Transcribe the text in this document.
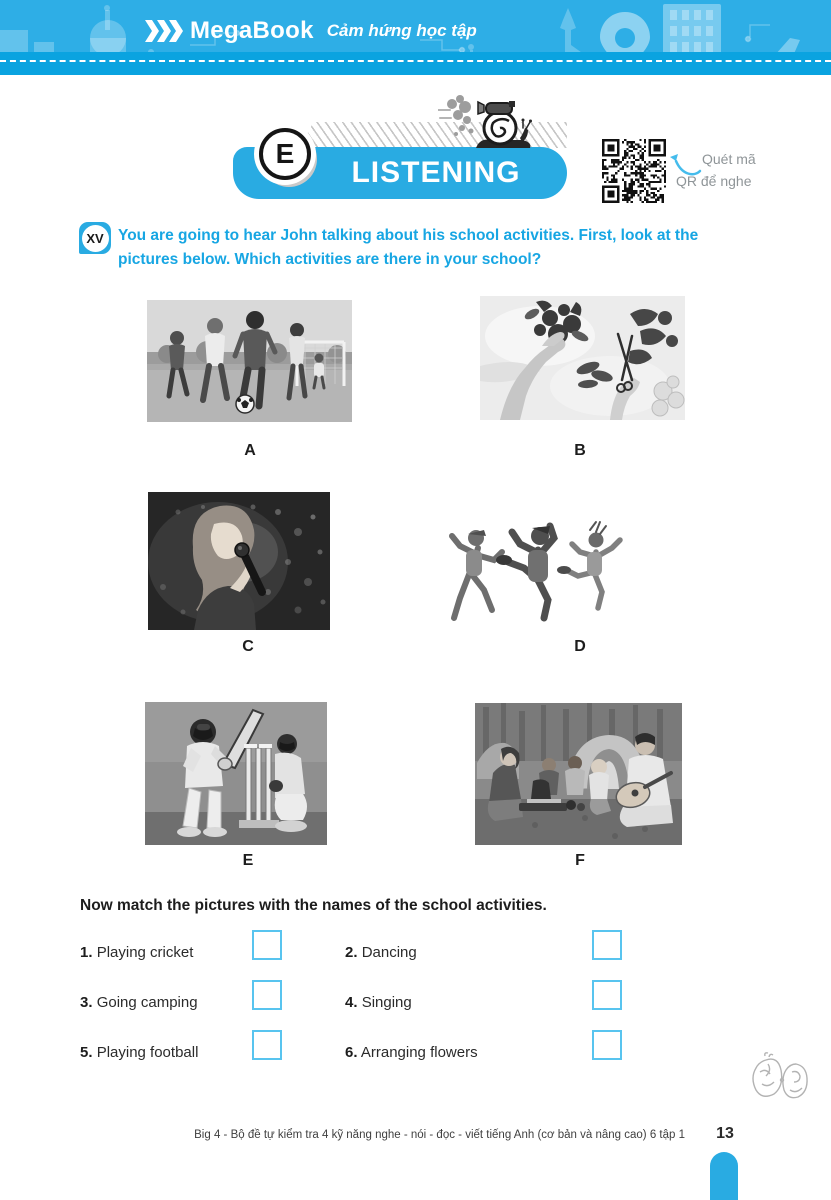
MegaBook Cảm hứng học tập
LISTENING
E	Quét mã
QR để nghe
XV You are going to hear John talking about his school activities. First, look at the
pictures below. Which activities are there in your school?
A	B
C	D
E	F
Now match the pictures with the names of the school activities.
1. Playing cricket	2. Dancing
3. Going camping	4. Singing
5. Playing football	6. Arranging flowers
Big 4 - Bộ đề tự kiểm tra 4 kỹ năng nghe - nói - đọc - viết tiếng Anh (cơ bản và nâng cao) 6 tập 1	13
